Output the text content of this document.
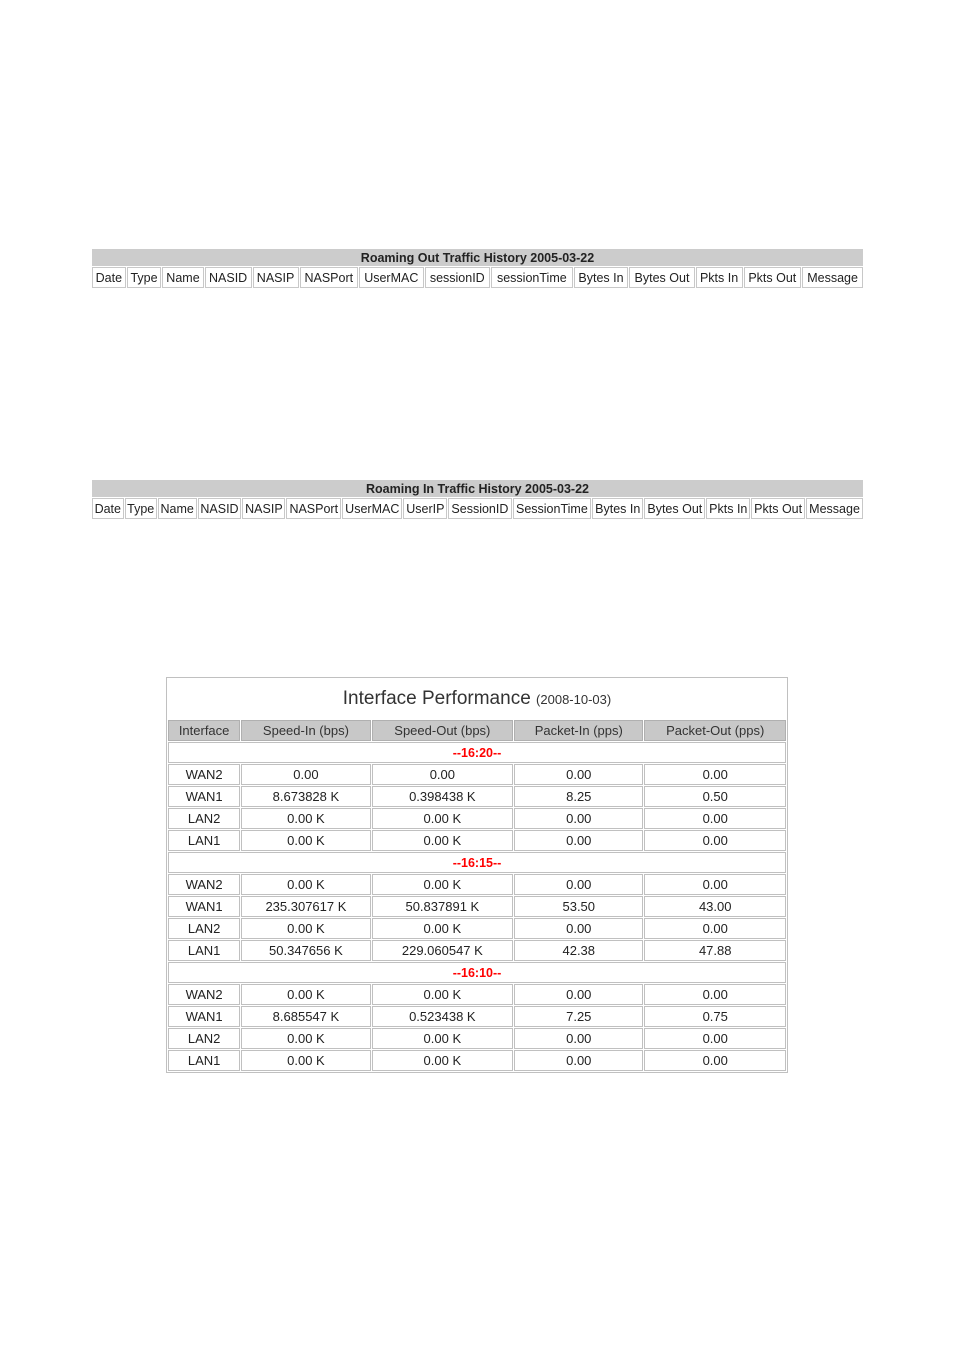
Roaming Out Traffic History 2005-03-22
Date	Type	Name	NASID	NASIP	NASPort	UserMAC	sessionID	sessionTime	Bytes In	Bytes Out	Pkts In	Pkts Out	Message
Roaming In Traffic History 2005-03-22
Date	Type	Name	NASID	NASIP	NASPort	UserMAC	UserIP	SessionID	SessionTime	Bytes In	Bytes Out	Pkts In	Pkts Out	Message
Interface Performance (2008-10-03)				
Interface	Speed-In (bps)	Speed-Out (bps)	Packet-In (pps)	Packet-Out (pps)
--16:20--				
WAN2	0.00	0.00	0.00	0.00
WAN1	8.673828 K	0.398438 K	8.25	0.50
LAN2	0.00 K	0.00 K	0.00	0.00
LAN1	0.00 K	0.00 K	0.00	0.00
--16:15--				
WAN2	0.00 K	0.00 K	0.00	0.00
WAN1	235.307617 K	50.837891 K	53.50	43.00
LAN2	0.00 K	0.00 K	0.00	0.00
LAN1	50.347656 K	229.060547 K	42.38	47.88
--16:10--				
WAN2	0.00 K	0.00 K	0.00	0.00
WAN1	8.685547 K	0.523438 K	7.25	0.75
LAN2	0.00 K	0.00 K	0.00	0.00
LAN1	0.00 K	0.00 K	0.00	0.00
